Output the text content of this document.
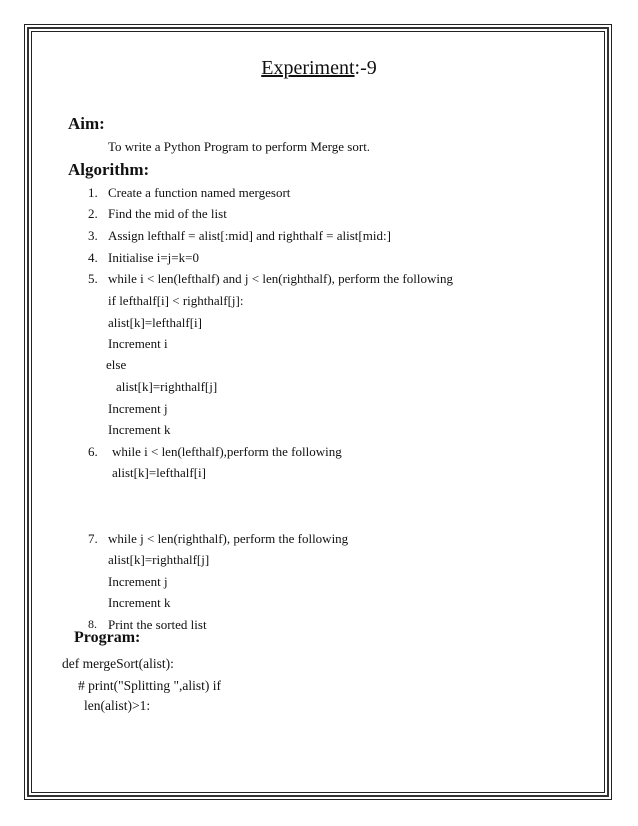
Experiment:-9
Aim:
To write a Python Program to perform Merge sort.
Algorithm:
1. Create a function named mergesort
2. Find the mid of the list
3. Assign lefthalf = alist[:mid] and righthalf = alist[mid:]
4. Initialise i=j=k=0
5. while i < len(lefthalf) and j < len(righthalf), perform the following
if lefthalf[i] < righthalf[j]:
alist[k]=lefthalf[i]
Increment i
else
alist[k]=righthalf[j]
Increment j
Increment k
6. while i < len(lefthalf),perform the following
alist[k]=lefthalf[i]
7. while j < len(righthalf), perform the following
alist[k]=righthalf[j]
Increment j
Increment k
8. Print the sorted list
Program:
def mergeSort(alist):
# print("Splitting ",alist) if
len(alist)>1:
